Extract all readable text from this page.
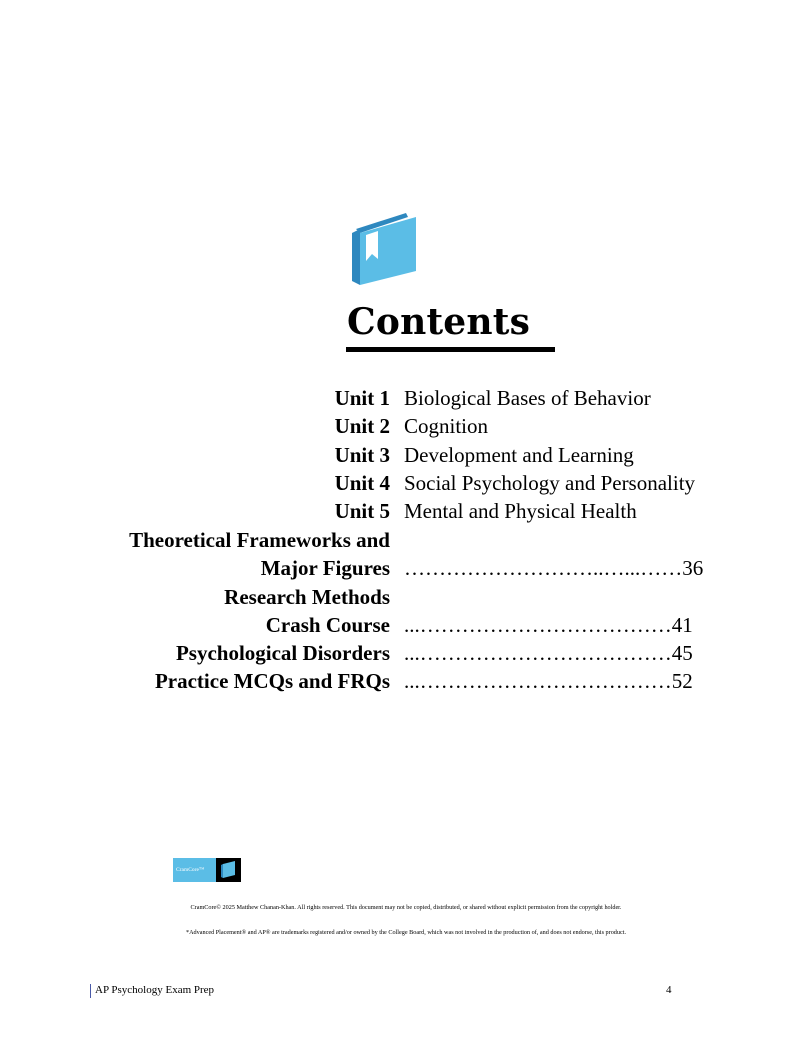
Contents
Unit 1 Biological Bases of Behavior
Unit 2 Cognition
Unit 3 Development and Learning
Unit 4 Social Psychology and Personality
Unit 5 Mental and Physical Health
Theoretical Frameworks and
Major Figures ………………………..…...……36
Research Methods
Crash Course ...………………………………41
Psychological Disorders ...………………………………45
Practice MCQs and FRQs ...………………………………52
CramCore™
CramCore© 2025 Matthew Chanan-Khan. All rights reserved. This document may not be copied, distributed, or shared without explicit permission from the copyright holder.
*Advanced Placement® and AP® are trademarks registered and/or owned by the College Board, which was not involved in the production of, and does not endorse, this product.
AP Psychology Exam Prep	4
